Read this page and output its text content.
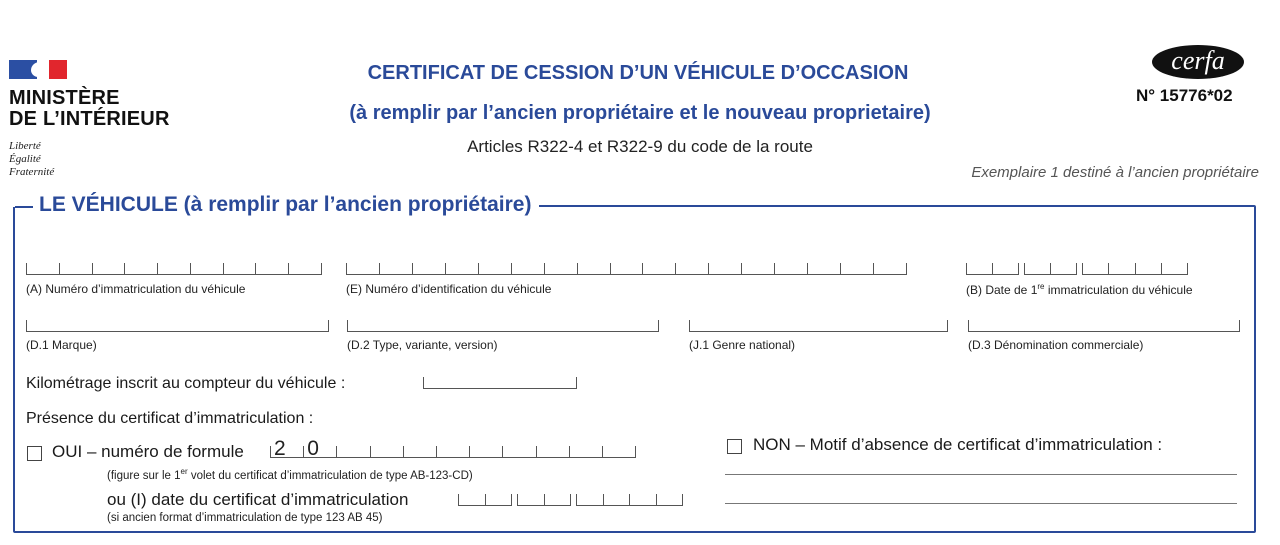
MINISTÈRE
DE L’INTÉRIEUR
Liberté
Égalité
Fraternité
CERTIFICAT DE CESSION D’UN VÉHICULE D’OCCASION
(à remplir par l’ancien propriétaire et le nouveau proprietaire)
Articles R322-4 et R322-9 du code de la route
cerfa
N° 15776*02
Exemplaire 1 destiné à l’ancien propriétaire
LE VÉHICULE (à remplir par l’ancien propriétaire)
(A) Numéro d’immatriculation du véhicule	(E) Numéro d’identification du véhicule	(B) Date de 1re immatriculation du véhicule
(D.1 Marque)	(D.2 Type, variante, version)	(J.1 Genre national)	(D.3 Dénomination commerciale)
Kilométrage inscrit au compteur du véhicule :
Présence du certificat d’immatriculation :
OUI – numéro de formule 2 0
(figure sur le 1er volet du certificat d’immatriculation de type AB-123-CD)
ou (I) date du certificat d’immatriculation
(si ancien format d’immatriculation de type 123 AB 45)
NON – Motif d’absence de certificat d’immatriculation :
